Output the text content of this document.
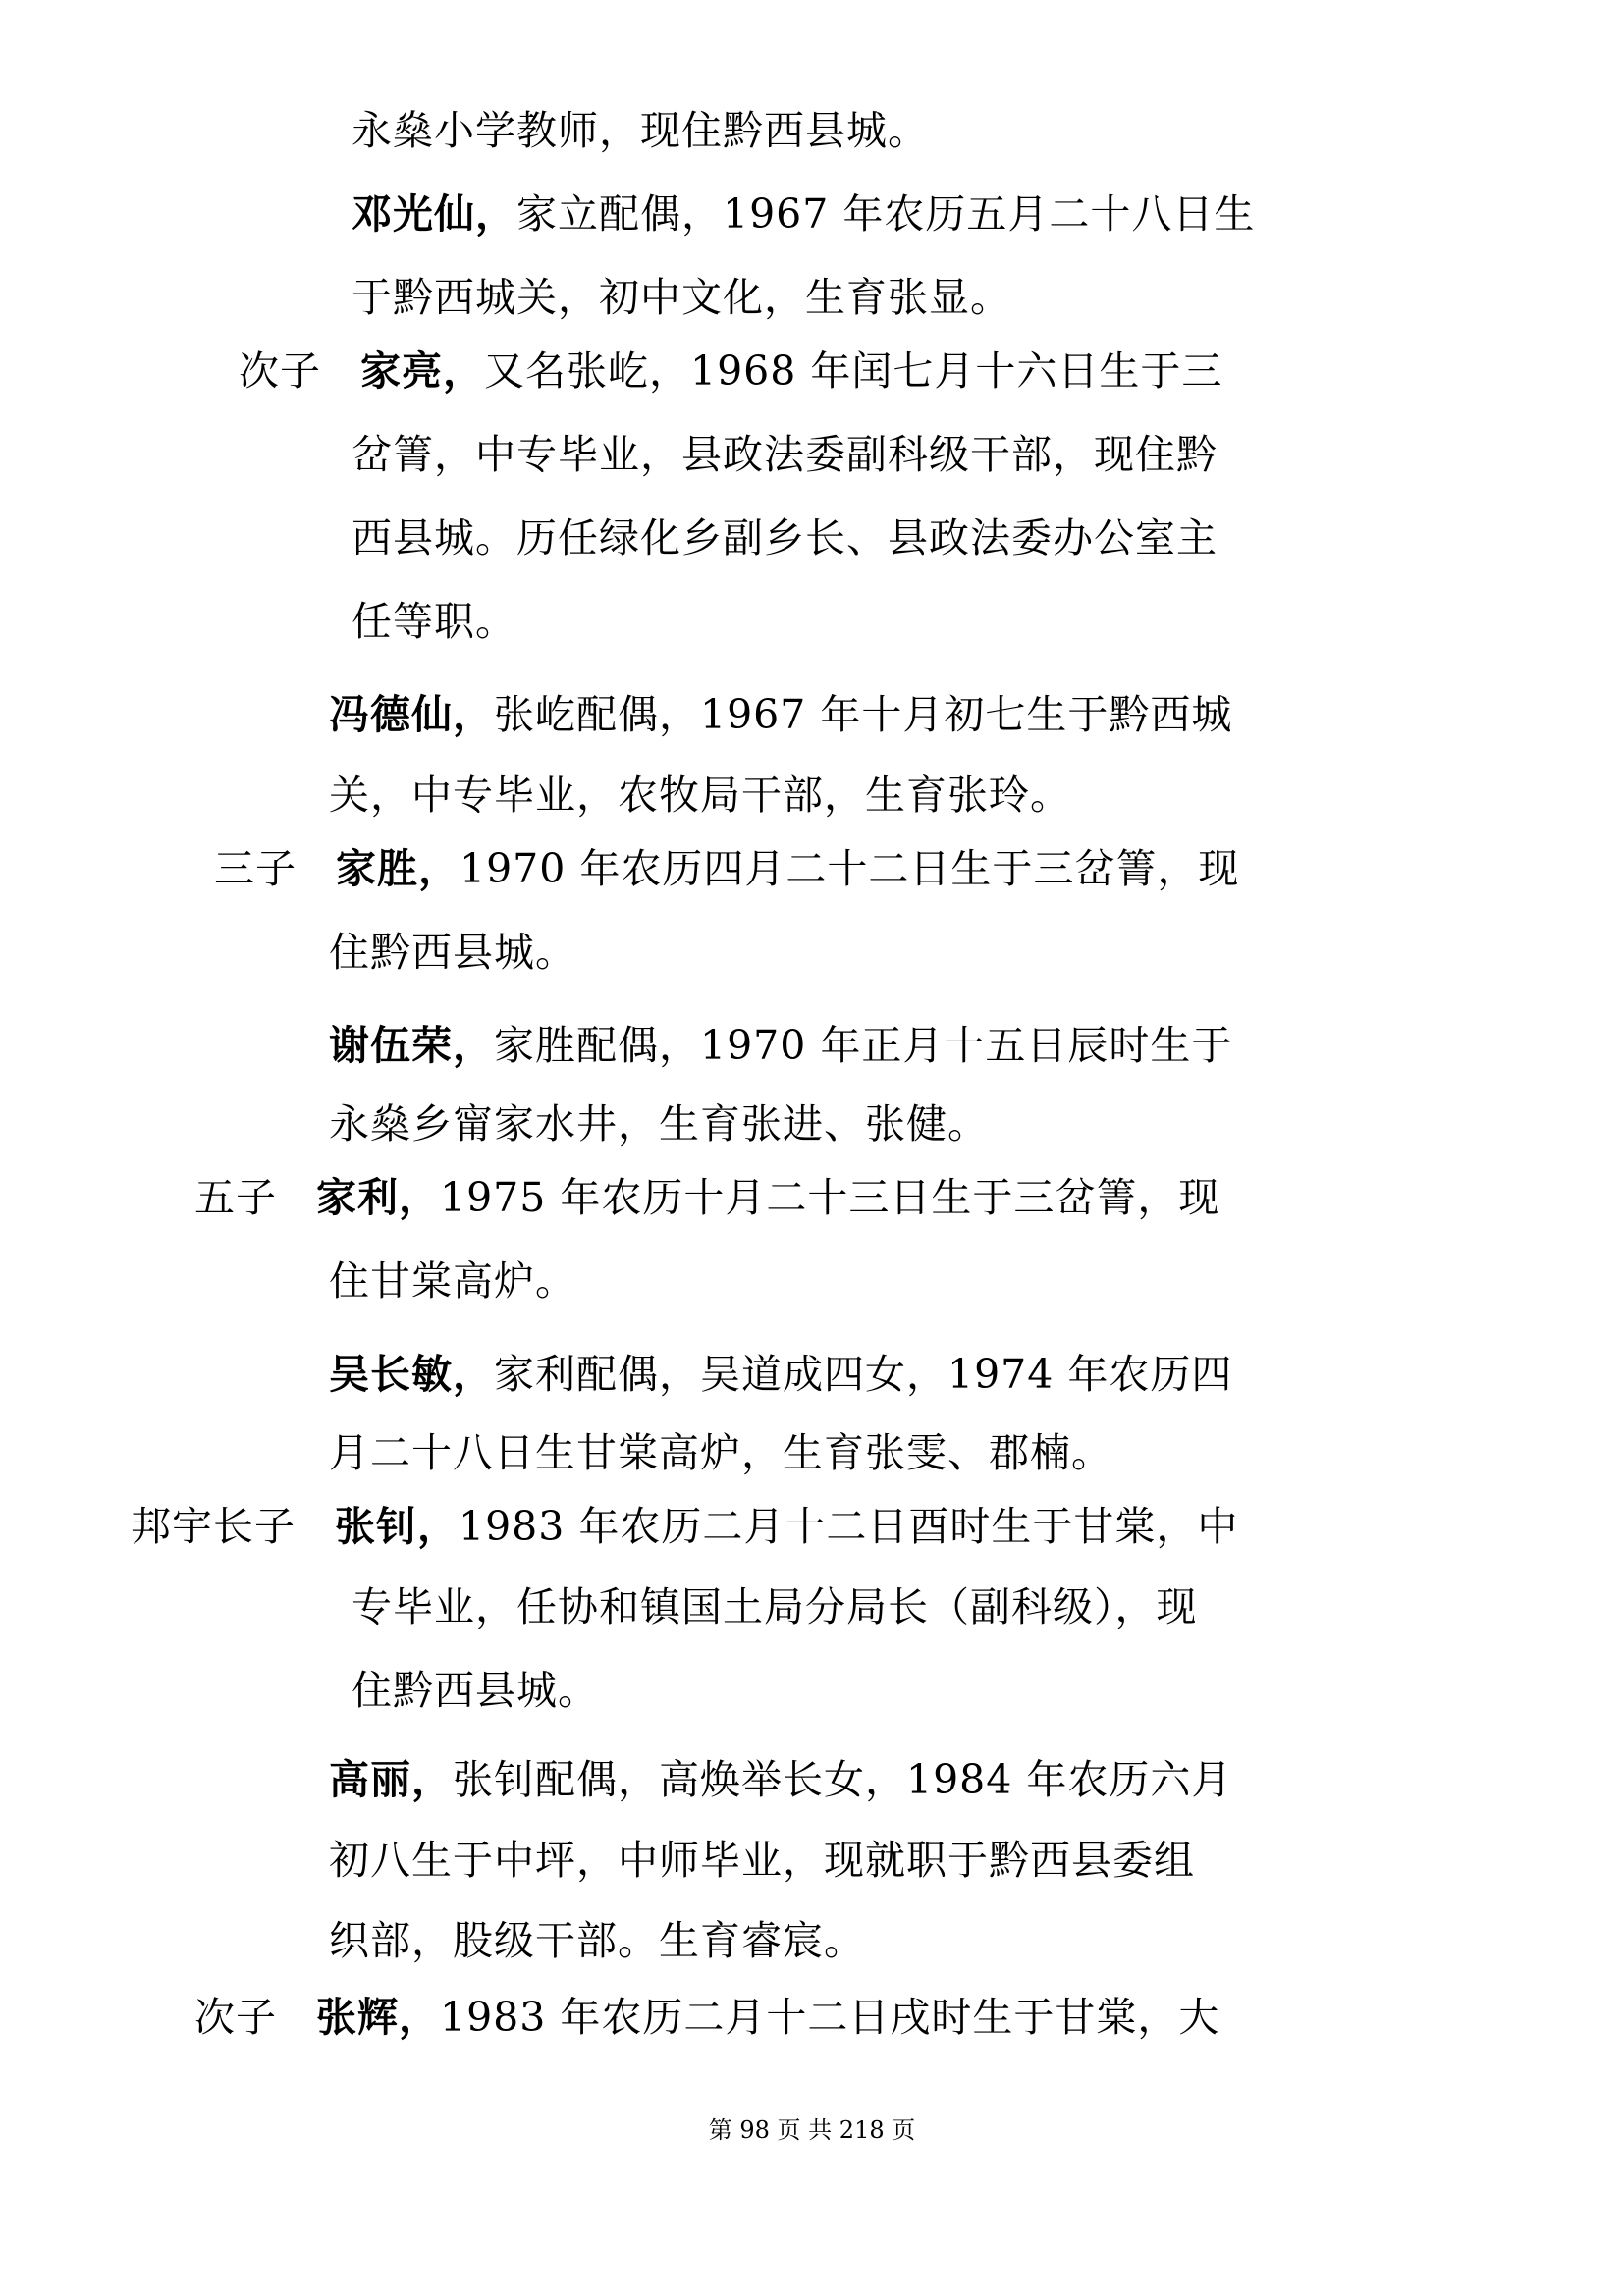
永燊小学教师，现住黔西县城。
邓光仙，家立配偶，1967 年农历五月二十八日生
于黔西城关，初中文化，生育张显。
次子 家亮，又名张屹，1968 年闰七月十六日生于三
岔箐，中专毕业，县政法委副科级干部，现住黔
西县城。历任绿化乡副乡长、县政法委办公室主
任等职。
冯德仙，张屹配偶，1967 年十月初七生于黔西城
关，中专毕业，农牧局干部，生育张玲。
三子 家胜，1970 年农历四月二十二日生于三岔箐，现
住黔西县城。
谢伍荣，家胜配偶，1970 年正月十五日辰时生于
永燊乡甯家水井，生育张进、张健。
五子 家利，1975 年农历十月二十三日生于三岔箐，现
住甘棠高炉。
吴长敏，家利配偶，吴道成四女，1974 年农历四
月二十八日生甘棠高炉，生育张雯、郡楠。
邦宇长子 张钊，1983 年农历二月十二日酉时生于甘棠，中
专毕业，任协和镇国土局分局长（副科级），现
住黔西县城。
高丽，张钊配偶，高焕举长女，1984 年农历六月
初八生于中坪，中师毕业，现就职于黔西县委组
织部，股级干部。生育睿宸。
次子 张辉，1983 年农历二月十二日戌时生于甘棠，大
第 98 页 共 218 页
